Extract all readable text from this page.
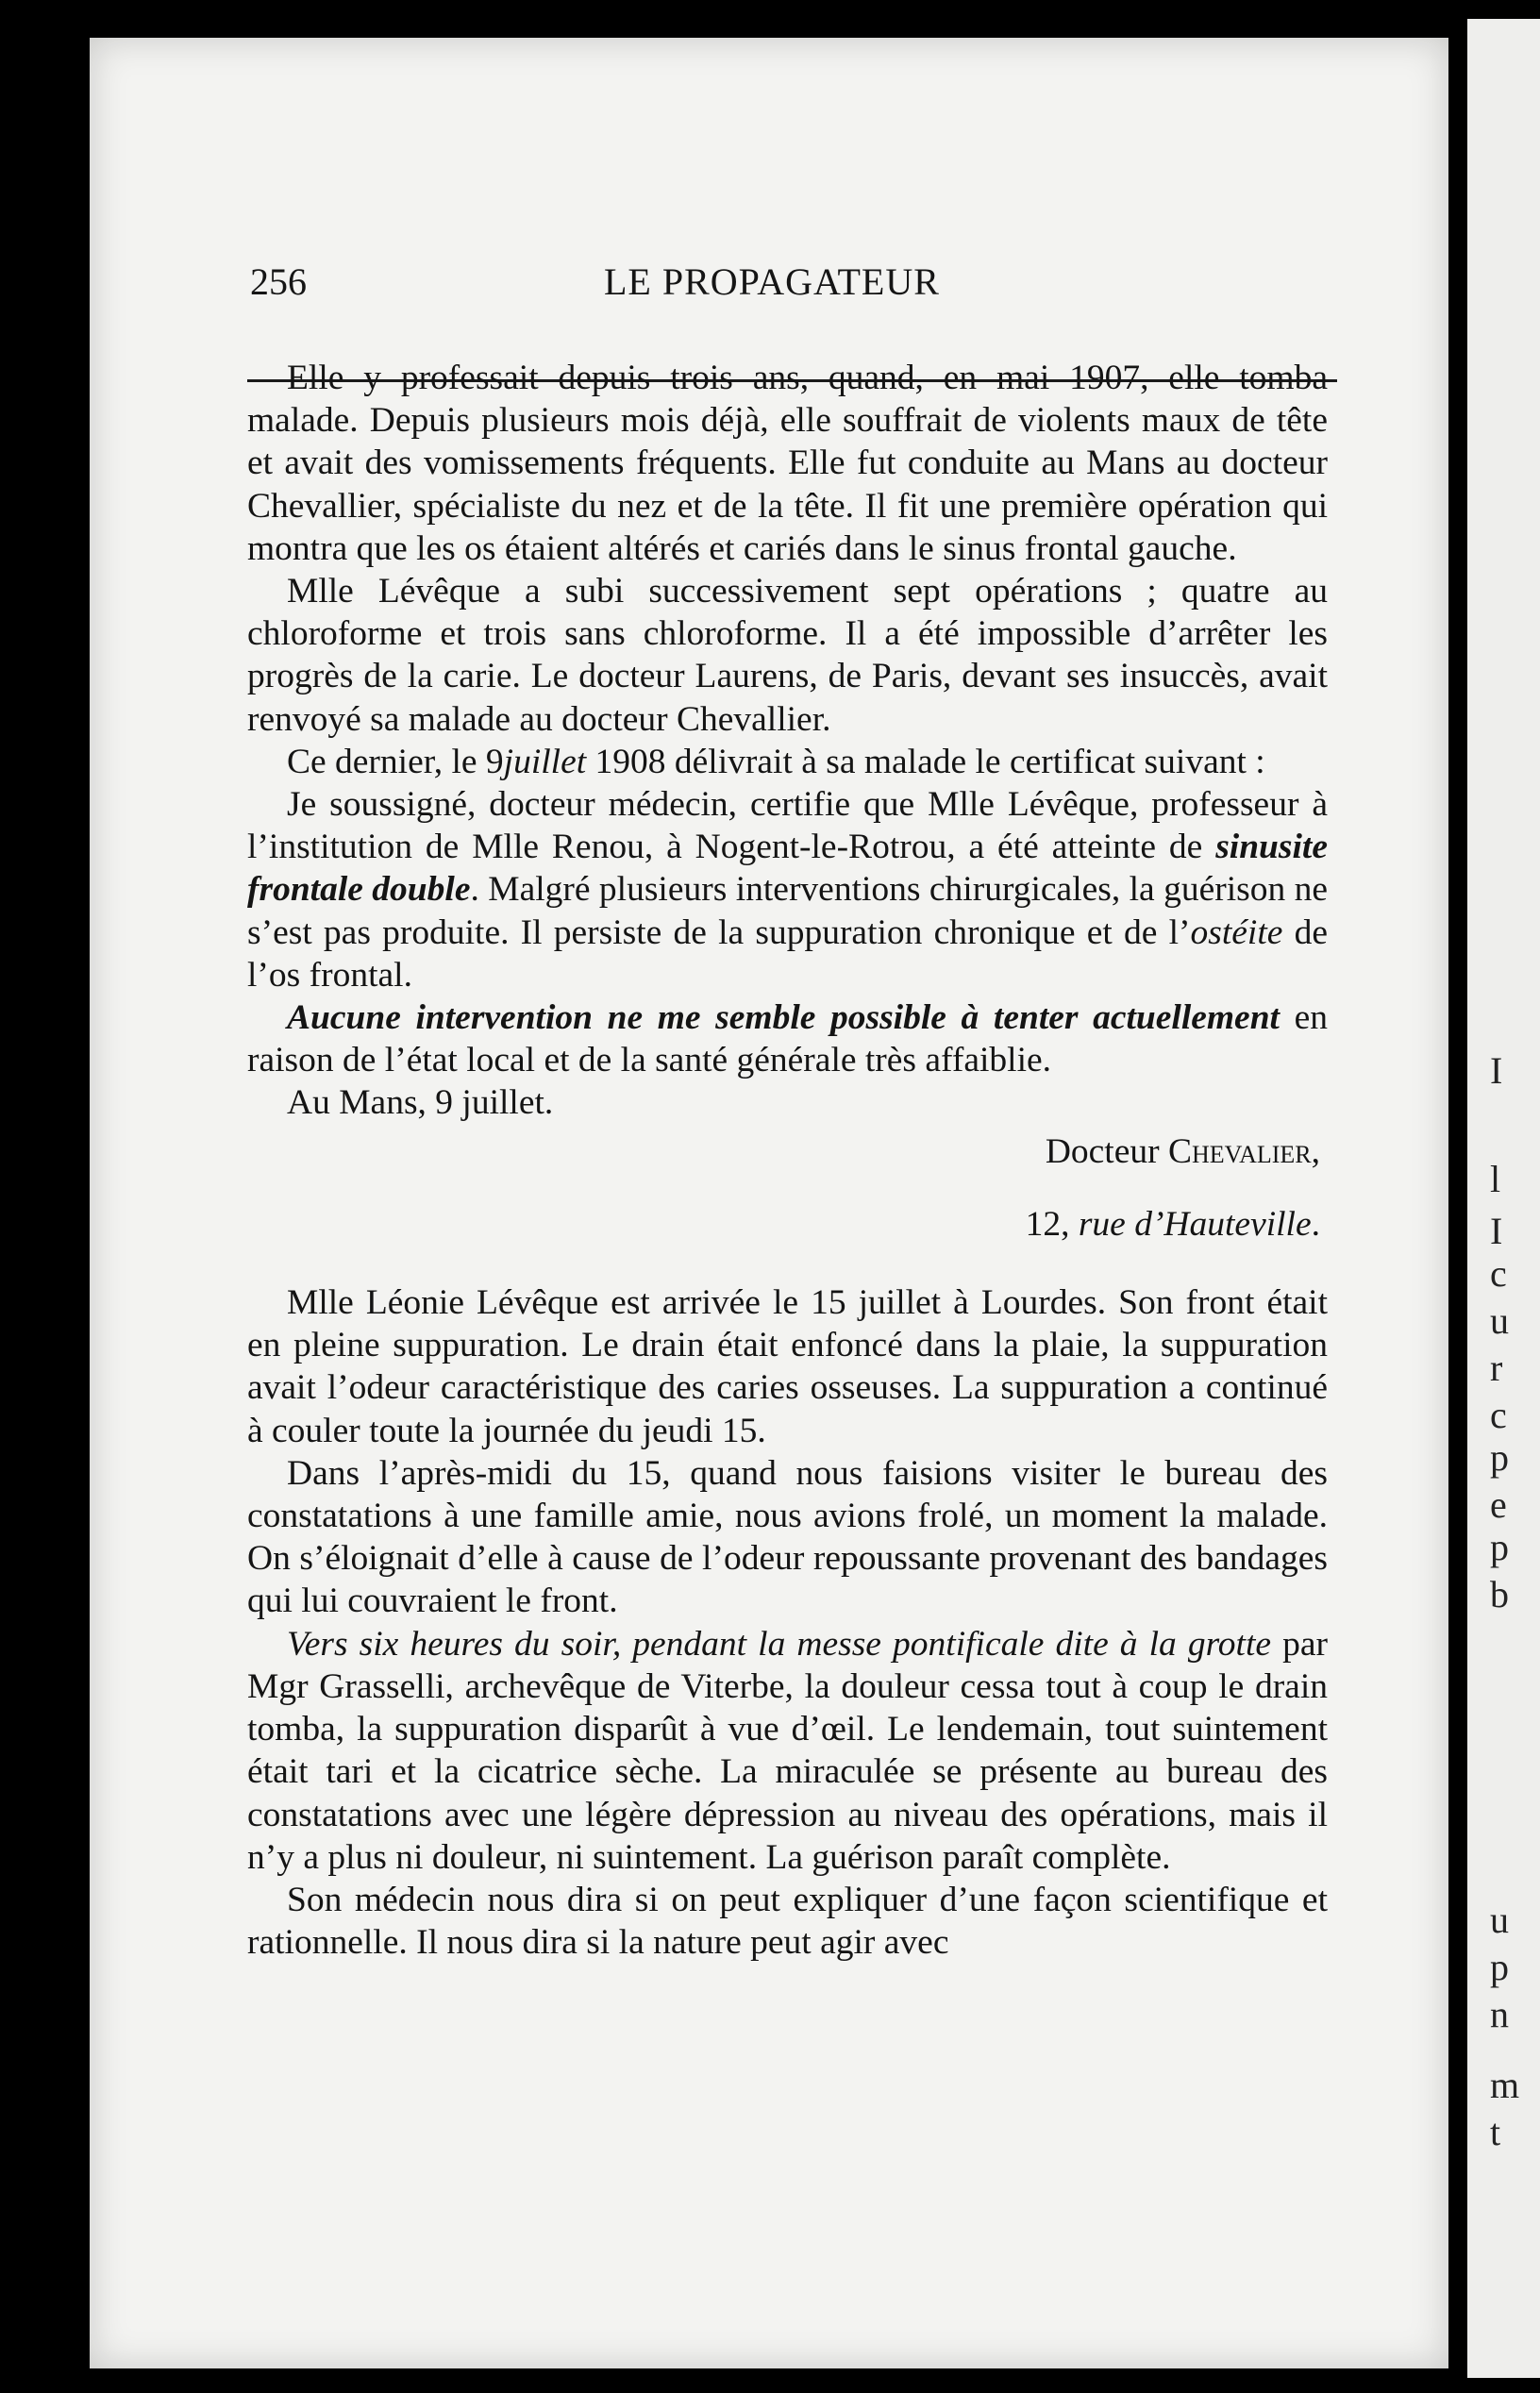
I
l
I
c
u
r
c
p
e
p
b
u
p
n
m
t
256	LE PROPAGATEUR

Elle y professait depuis trois ans, quand, en mai 1907, elle tomba malade. Depuis plusieurs mois déjà, elle souffrait de violents maux de tête et avait des vomissements fréquents. Elle fut conduite au Mans au docteur Chevallier, spécialiste du nez et de la tête. Il fit une première opération qui montra que les os étaient altérés et cariés dans le sinus frontal gauche.

Mlle Lévêque a subi successivement sept opérations ; quatre au chloroforme et trois sans chloroforme. Il a été impossible d’arrêter les progrès de la carie. Le docteur Laurens, de Paris, devant ses insuccès, avait renvoyé sa malade au docteur Chevallier.

Ce dernier, le 9juillet 1908 délivrait à sa malade le certificat suivant :

Je soussigné, docteur médecin, certifie que Mlle Lévêque, professeur à l’institution de Mlle Renou, à Nogent-le-Rotrou, a été atteinte de sinusite frontale double. Malgré plusieurs interventions chirurgicales, la guérison ne s’est pas produite. Il persiste de la suppuration chronique et de l’ostéite de l’os frontal.

Aucune intervention ne me semble possible à tenter actuellement en raison de l’état local et de la santé générale très affaiblie.

Au Mans, 9 juillet.

Docteur Chevalier,

12, rue d’Hauteville.

Mlle Léonie Lévêque est arrivée le 15 juillet à Lourdes. Son front était en pleine suppuration. Le drain était enfoncé dans la plaie, la suppuration avait l’odeur caractéristique des caries osseuses. La suppuration a continué à couler toute la journée du jeudi 15.

Dans l’après-midi du 15, quand nous faisions visiter le bureau des constatations à une famille amie, nous avions frolé, un moment la malade. On s’éloignait d’elle à cause de l’odeur repoussante provenant des bandages qui lui couvraient le front.

Vers six heures du soir, pendant la messe pontificale dite à la grotte par Mgr Grasselli, archevêque de Viterbe, la douleur cessa tout à coup le drain tomba, la suppuration disparût à vue d’œil. Le lendemain, tout suintement était tari et la cicatrice sèche. La miraculée se présente au bureau des constatations avec une légère dépression au niveau des opérations, mais il n’y a plus ni douleur, ni suintement. La guérison paraît complète.

Son médecin nous dira si on peut expliquer d’une façon scientifique et rationnelle. Il nous dira si la nature peut agir avec
